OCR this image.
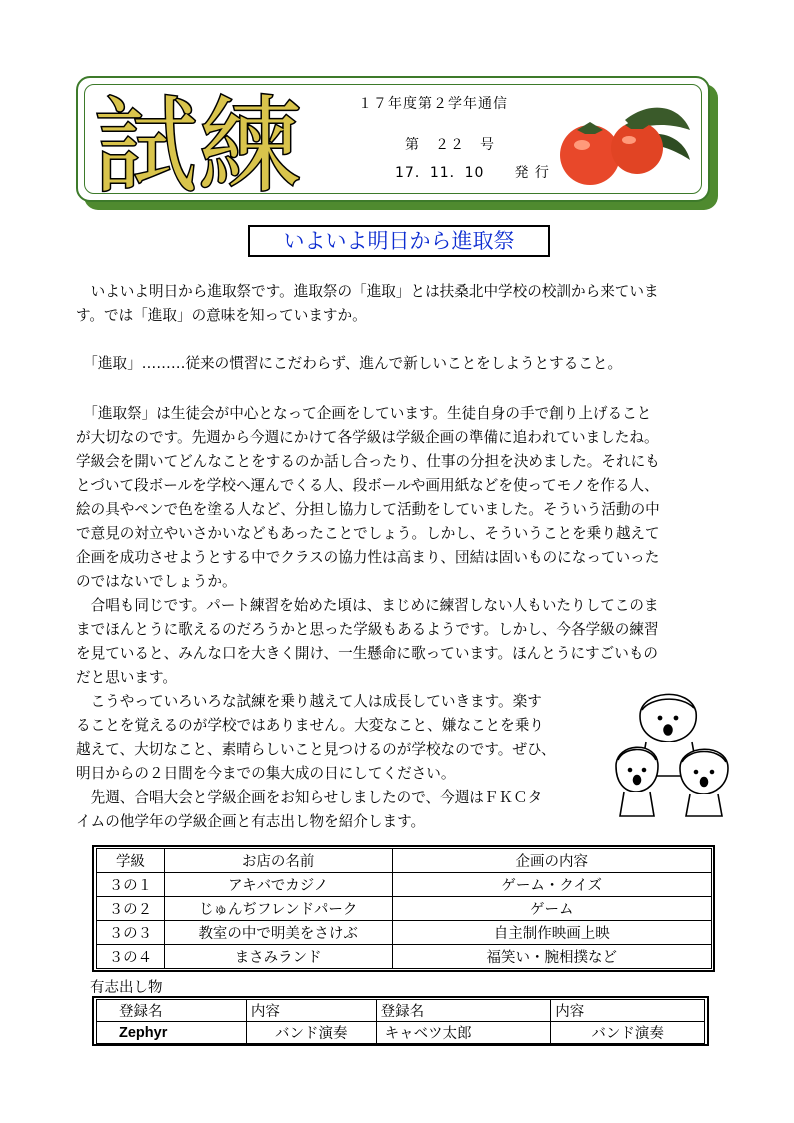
試練	１７年度第２学年通信
第　２２　号
17．11．10　　発 行
いよいよ明日から進取祭
　いよいよ明日から進取祭です。進取祭の「進取」とは扶桑北中学校の校訓から来ていま
す。では「進取」の意味を知っていますか。
　「進取」………従来の慣習にこだわらず、進んで新しいことをしようとすること。
　「進取祭」は生徒会が中心となって企画をしています。生徒自身の手で創り上げること
が大切なのです。先週から今週にかけて各学級は学級企画の準備に追われていましたね。
学級会を開いてどんなことをするのか話し合ったり、仕事の分担を決めました。それにも
とづいて段ボールを学校へ運んでくる人、段ボールや画用紙などを使ってモノを作る人、
絵の具やペンで色を塗る人など、分担し協力して活動をしていました。そういう活動の中
で意見の対立やいさかいなどもあったことでしょう。しかし、そういうことを乗り越えて
企画を成功させようとする中でクラスの協力性は高まり、団結は固いものになっていった
のではないでしょうか。
　合唱も同じです。パート練習を始めた頃は、まじめに練習しない人もいたりしてこのま
までほんとうに歌えるのだろうかと思った学級もあるようです。しかし、今各学級の練習
を見ていると、みんな口を大きく開け、一生懸命に歌っています。ほんとうにすごいもの
だと思います。
　こうやっていろいろな試練を乗り越えて人は成長していきます。楽す
ることを覚えるのが学校ではありません。大変なこと、嫌なことを乗り
越えて、大切なこと、素晴らしいこと見つけるのが学校なのです。ぜひ、
明日からの２日間を今までの集大成の日にしてください。
　先週、合唱大会と学級企画をお知らせしましたので、今週はＦＫＣタ
イムの他学年の学級企画と有志出し物を紹介します。
学級	お店の名前	企画の内容
３の１	アキバでカジノ	ゲーム・クイズ
３の２	じゅんぢフレンドパーク	ゲーム
３の３	教室の中で明美をさけぶ	自主制作映画上映
３の４	まさみランド	福笑い・腕相撲など
有志出し物
登録名	内容	登録名	内容
Zephyr	バンド演奏	キャベツ太郎	バンド演奏
